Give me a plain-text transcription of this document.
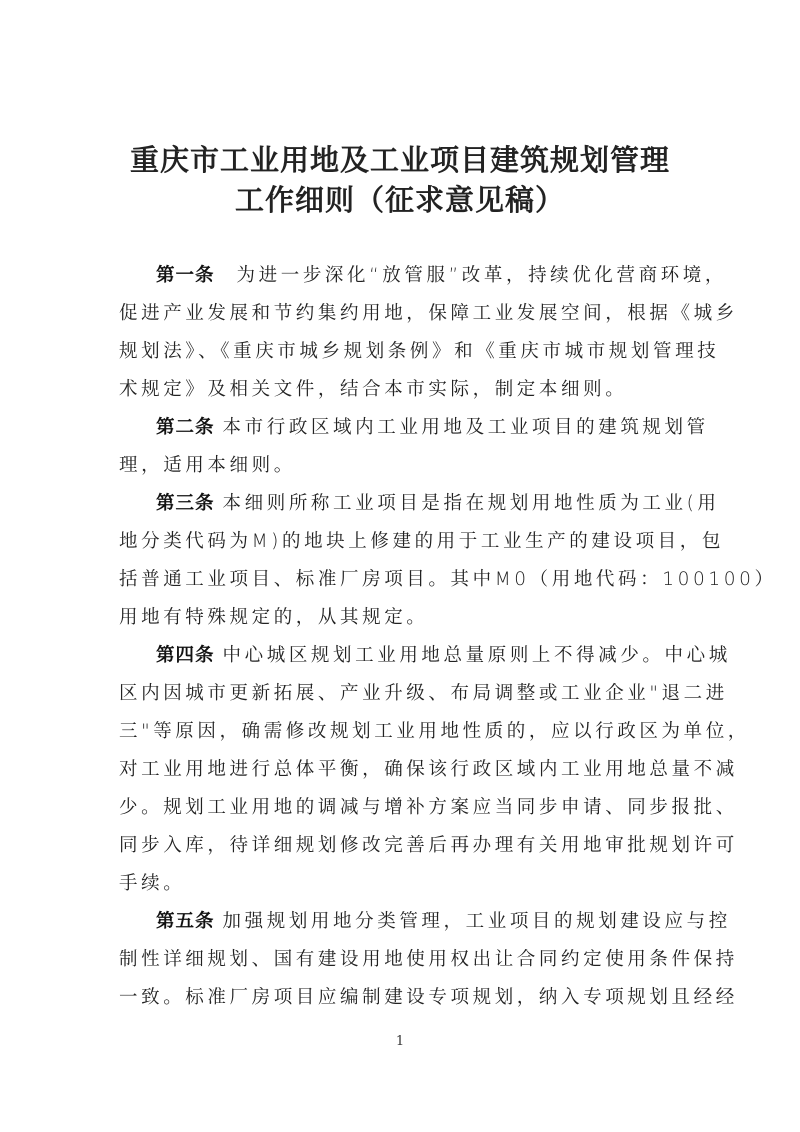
重庆市工业用地及工业项目建筑规划管理
工作细则（征求意见稿）
第一条 为进一步深化“放管服”改革，持续优化营商环境，
促进产业发展和节约集约用地，保障工业发展空间，根据《城乡
规划法》、《重庆市城乡规划条例》和《重庆市城市规划管理技
术规定》及相关文件，结合本市实际，制定本细则。
第二条 本市行政区域内工业用地及工业项目的建筑规划管
理，适用本细则。
第三条 本细则所称工业项目是指在规划用地性质为工业(用
地分类代码为M)的地块上修建的用于工业生产的建设项目，包
括普通工业项目、标准厂房项目。其中M0（用地代码：100100）
用地有特殊规定的，从其规定。
第四条 中心城区规划工业用地总量原则上不得减少。中心城
区内因城市更新拓展、产业升级、布局调整或工业企业"退二进
三"等原因，确需修改规划工业用地性质的，应以行政区为单位，
对工业用地进行总体平衡，确保该行政区域内工业用地总量不减
少。规划工业用地的调减与增补方案应当同步申请、同步报批、
同步入库，待详细规划修改完善后再办理有关用地审批规划许可
手续。
第五条 加强规划用地分类管理，工业项目的规划建设应与控
制性详细规划、国有建设用地使用权出让合同约定使用条件保持
一致。标准厂房项目应编制建设专项规划，纳入专项规划且经经
1
